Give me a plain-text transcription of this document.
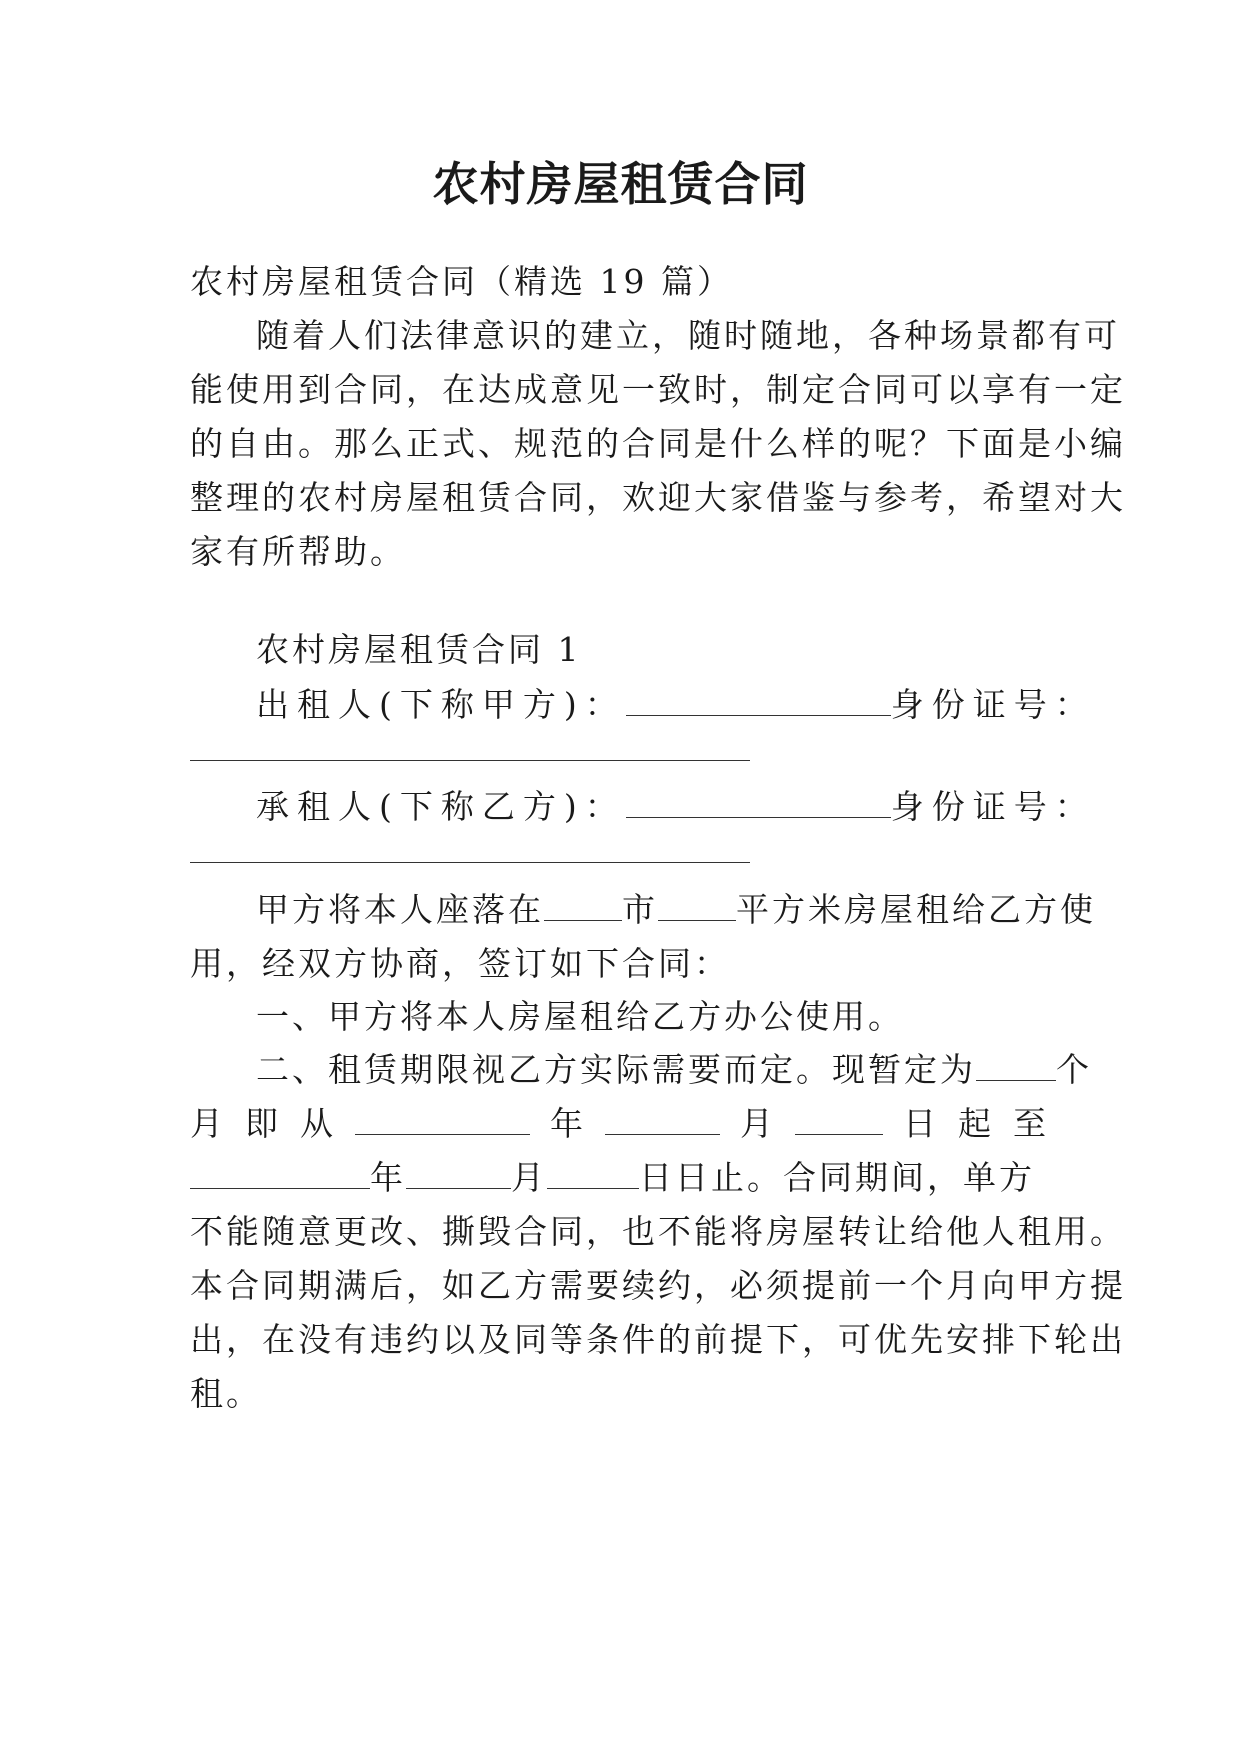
农村房屋租赁合同
农村房屋租赁合同（精选 19 篇）
随着人们法律意识的建立，随时随地，各种场景都有可
能使用到合同，在达成意见一致时，制定合同可以享有一定
的自由。那么正式、规范的合同是什么样的呢？下面是小编
整理的农村房屋租赁合同，欢迎大家借鉴与参考，希望对大
家有所帮助。
农村房屋租赁合同 1
出租人(下称甲方)：	身份证号：
承租人(下称乙方)：	身份证号：
甲方将本人座落在 市 平方米房屋租给乙方使
用，经双方协商，签订如下合同：
一、甲方将本人房屋租给乙方办公使用。
二、租赁期限视乙方实际需要而定。现暂定为 个
月即从	年	月	日起至
年	月	日日止。合同期间，单方
不能随意更改、撕毁合同，也不能将房屋转让给他人租用。
本合同期满后，如乙方需要续约，必须提前一个月向甲方提
出，在没有违约以及同等条件的前提下，可优先安排下轮出
租。
